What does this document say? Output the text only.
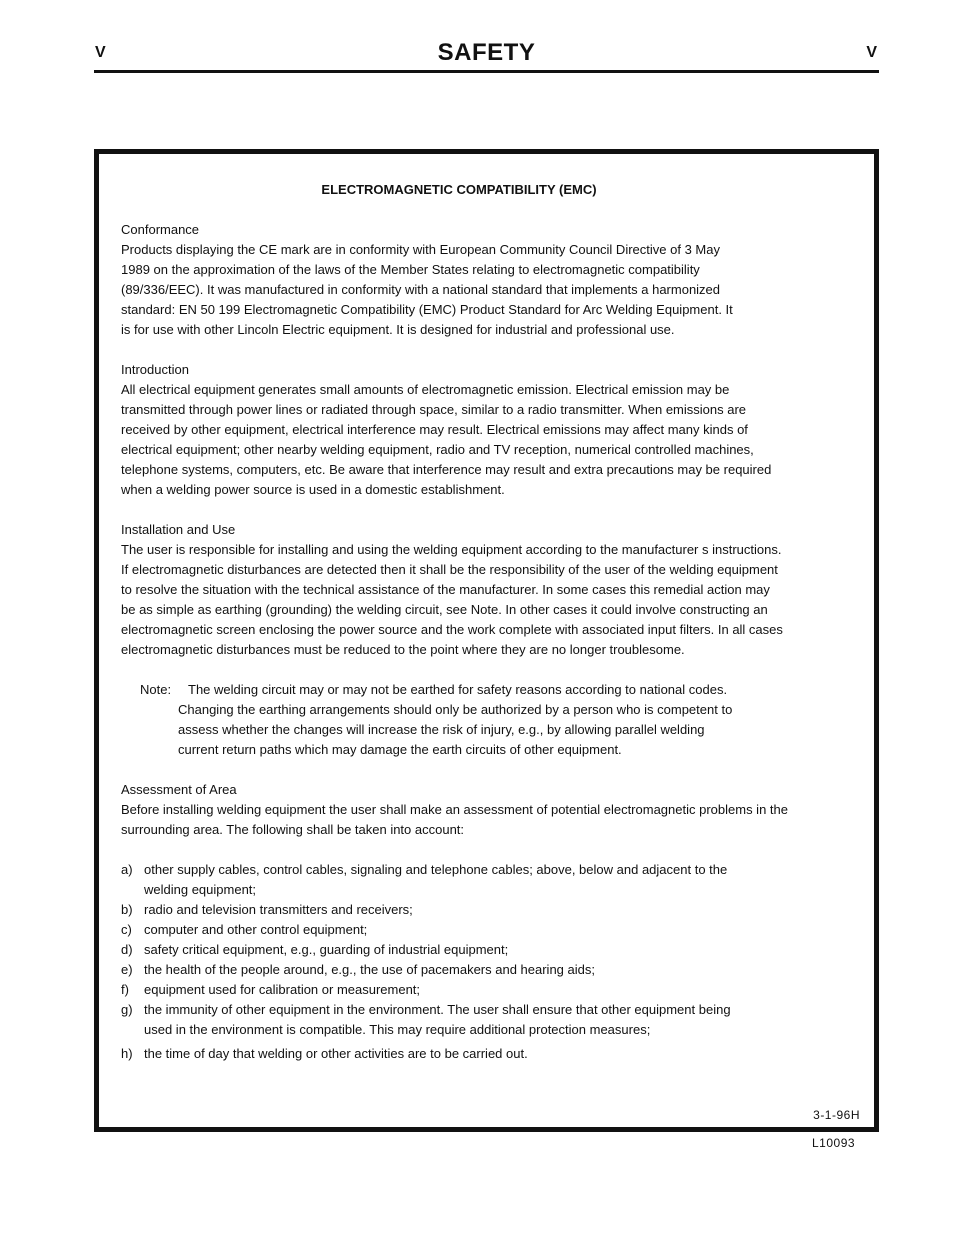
V	SAFETY	V
ELECTROMAGNETIC COMPATIBILITY (EMC)
Conformance
Products displaying the CE mark are in conformity with European Community Council Directive of 3 May
1989 on the approximation of the laws of the Member States relating to electromagnetic compatibility
(89/336/EEC). It was manufactured in conformity with a national standard that implements a harmonized
standard: EN 50 199 Electromagnetic Compatibility (EMC) Product Standard for Arc Welding Equipment. It
is for use with other Lincoln Electric equipment. It is designed for industrial and professional use.
Introduction
All electrical equipment generates small amounts of electromagnetic emission. Electrical emission may be
transmitted through power lines or radiated through space, similar to a radio transmitter. When emissions are
received by other equipment, electrical interference may result. Electrical emissions may affect many kinds of
electrical equipment; other nearby welding equipment, radio and TV reception, numerical controlled machines,
telephone systems, computers, etc. Be aware that interference may result and extra precautions may be required
when a welding power source is used in a domestic establishment.
Installation and Use
The user is responsible for installing and using the welding equipment according to the manufacturer s instructions.
If electromagnetic disturbances are detected then it shall be the responsibility of the user of the welding equipment
to resolve the situation with the technical assistance of the manufacturer. In some cases this remedial action may
be as simple as earthing (grounding) the welding circuit, see Note. In other cases it could involve constructing an
electromagnetic screen enclosing the power source and the work complete with associated input filters. In all cases
electromagnetic disturbances must be reduced to the point where they are no longer troublesome.
Note: The welding circuit may or may not be earthed for safety reasons according to national codes.
Changing the earthing arrangements should only be authorized by a person who is competent to
assess whether the changes will increase the risk of injury, e.g., by allowing parallel welding
current return paths which may damage the earth circuits of other equipment.
Assessment of Area
Before installing welding equipment the user shall make an assessment of potential electromagnetic problems in the
surrounding area. The following shall be taken into account:
a) other supply cables, control cables, signaling and telephone cables; above, below and adjacent to the
welding equipment;
b) radio and television transmitters and receivers;
c) computer and other control equipment;
d) safety critical equipment, e.g., guarding of industrial equipment;
e) the health of the people around, e.g., the use of pacemakers and hearing aids;
f) equipment used for calibration or measurement;
g) the immunity of other equipment in the environment. The user shall ensure that other equipment being
used in the environment is compatible. This may require additional protection measures;
h) the time of day that welding or other activities are to be carried out.
3-1-96H
L10093
